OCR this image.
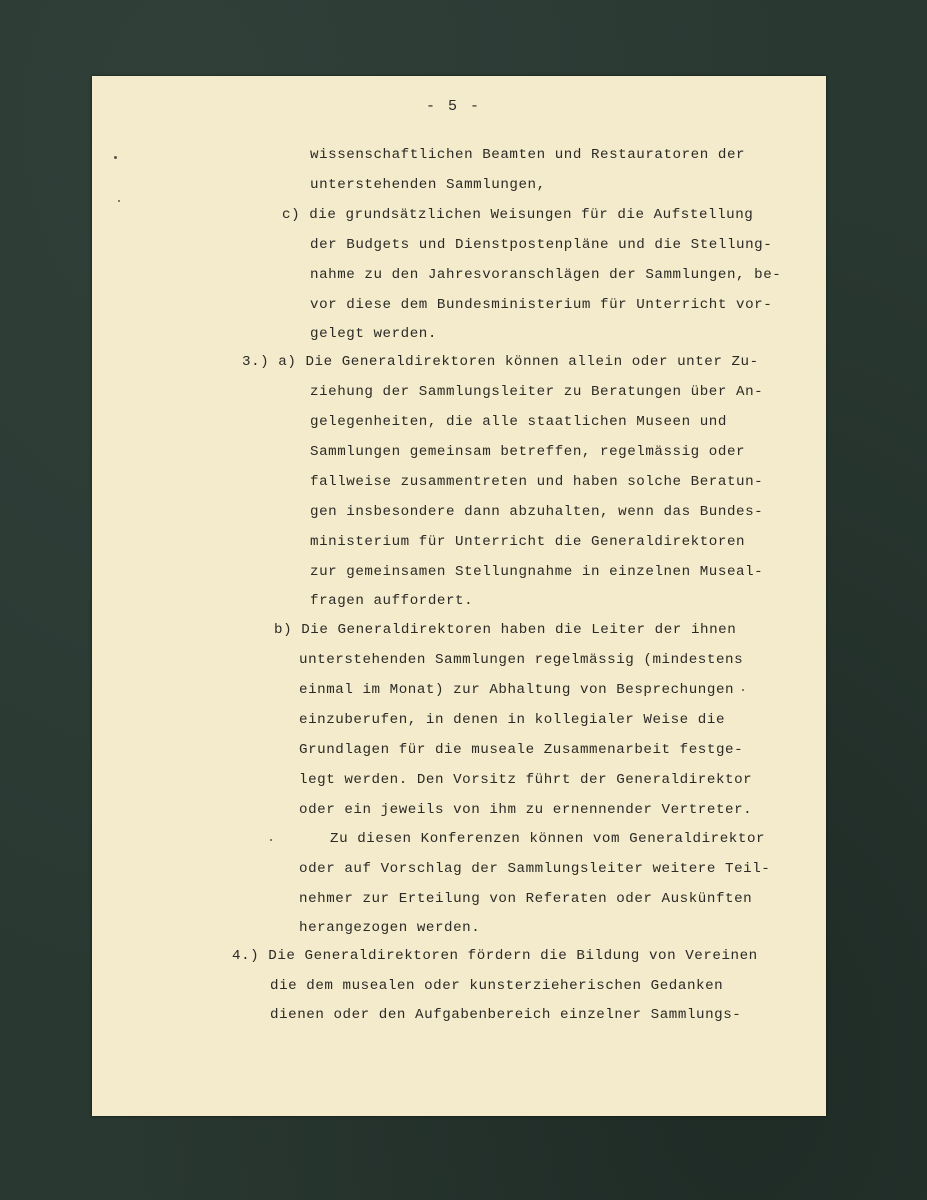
- 5 -
wissenschaftlichen Beamten und Restauratoren der
unterstehenden Sammlungen,
c) die grundsätzlichen Weisungen für die Aufstellung
der Budgets und Dienstpostenpläne und die Stellung-
nahme zu den Jahresvoranschlägen der Sammlungen, be-
vor diese dem Bundesministerium für Unterricht vor-
gelegt werden.
3.) a) Die Generaldirektoren können allein oder unter Zu-
ziehung der Sammlungsleiter zu Beratungen über An-
gelegenheiten, die alle staatlichen Museen und
Sammlungen gemeinsam betreffen, regelmässig oder
fallweise zusammentreten und haben solche Beratun-
gen insbesondere dann abzuhalten, wenn das Bundes-
ministerium für Unterricht die Generaldirektoren
zur gemeinsamen Stellungnahme in einzelnen Museal-
fragen auffordert.
b) Die Generaldirektoren haben die Leiter der ihnen
unterstehenden Sammlungen regelmässig (mindestens
einmal im Monat) zur Abhaltung von Besprechungen
einzuberufen, in denen in kollegialer Weise die
Grundlagen für die museale Zusammenarbeit festge-
legt werden. Den Vorsitz führt der Generaldirektor
oder ein jeweils von ihm zu ernennender Vertreter.
Zu diesen Konferenzen können vom Generaldirektor
oder auf Vorschlag der Sammlungsleiter weitere Teil-
nehmer zur Erteilung von Referaten oder Auskünften
herangezogen werden.
4.) Die Generaldirektoren fördern die Bildung von Vereinen
die dem musealen oder kunsterzieherischen Gedanken
dienen oder den Aufgabenbereich einzelner Sammlungs-
